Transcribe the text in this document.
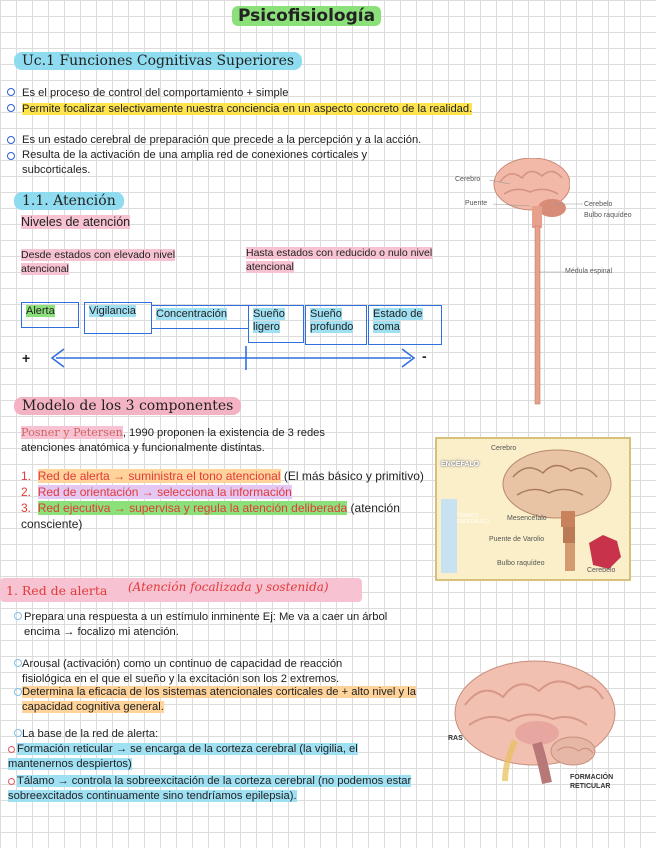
Psicofisiología
Uc.1 Funciones Cognitivas Superiores
Es el proceso de control del comportamiento + simple
Permite focalizar selectivamente nuestra conciencia en un aspecto concreto de la realidad.
Es un estado cerebral de preparación que precede a la percepción y a la acción.
Resulta de la activación de una amplia red de conexiones corticales y subcorticales.
1.1. Atención
Niveles de atención
Desde estados con elevado nivel atencional
Hasta estados con reducido o nulo nivel atencional
Alerta	Vigilancia	Concentración	Sueño ligero
Sueño profundo
Estado de coma
+	-
Cerebro
Puente	Cerebelo
Bulbo raquídeo
Médula espinal
Modelo de los 3 componentes
Posner y Petersen, 1990 proponen la existencia de 3 redes atenciones anatómica y funcionalmente distintas.
1. Red de alerta → suministra el tono atencional (El más básico y primitivo)
2. Red de orientación → selecciona la información
3. Red ejecutiva → supervisa y regula la atención deliberada (atención consciente)
ENCÉFALO
Cerebro
TRONCO ENCEFÁLICO	Mesencéfalo
Puente de Varolio
Bulbo raquídeo
Cerebelo
1. Red de alerta (Atención focalizada y sostenida)
Prepara una respuesta a un estímulo inminente Ej: Me va a caer un árbol encima → focalizo mi atención.
Arousal (activación) como un continuo de capacidad de reacción fisiológica en el que el sueño y la excitación son los 2 extremos.
Determina la eficacia de los sistemas atencionales corticales de + alto nivel y la capacidad cognitiva general.
La base de la red de alerta:
Formación reticular → se encarga de la corteza cerebral (la vigilia, el mantenernos despiertos)
Tálamo → controla la sobreexcitación de la corteza cerebral (no podemos estar sobreexcitados continuamente sino tendríamos epilepsia).
RAS
FORMACIÓN RETICULAR
